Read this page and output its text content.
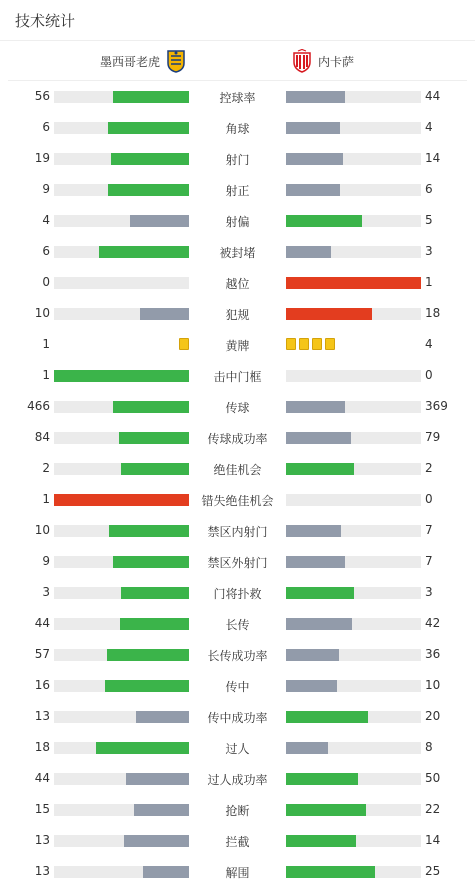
技术统计
墨西哥老虎	内卡萨
56	控球率	44
6	角球	4
19	射门	14
9	射正	6
4	射偏	5
6	被封堵	3
0	越位	1
10	犯规	18
1	黄牌	4
1	击中门框	0
466	传球	369
84	传球成功率	79
2	绝佳机会	2
1	错失绝佳机会	0
10	禁区内射门	7
9	禁区外射门	7
3	门将扑救	3
44	长传	42
57	长传成功率	36
16	传中	10
13	传中成功率	20
18	过人	8
44	过人成功率	50
15	抢断	22
13	拦截	14
13	解围	25
